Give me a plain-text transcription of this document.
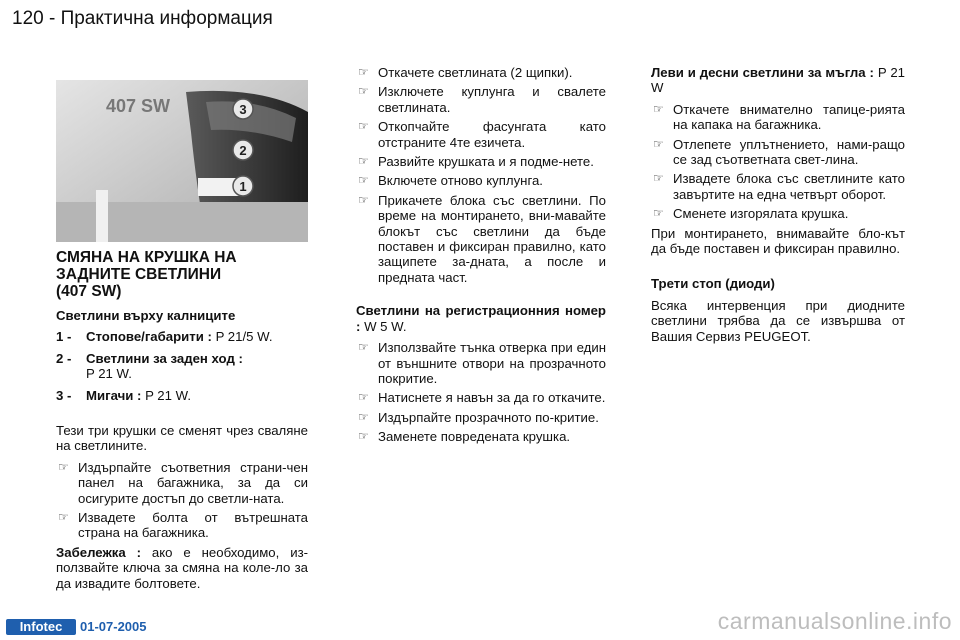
120 - Практична информация
407 SW	3
2
1
СМЯНА НА КРУШКА НА
ЗАДНИТЕ СВЕТЛИНИ
(407 SW)
Светлини върху калниците
1 -	Стопове/габарити : P 21/5 W.
2 -	Светлини за заден ход :
P 21 W.
3 -	Мигачи : P 21 W.

Тези три крушки се сменят чрез сваляне на светлините.

☞ Издърпайте съответния страни-чен панел на багажника, за да си осигурите достъп до светли-ната.
☞ Извадете болта от вътрешната страна на багажника.

Забележка : ако е необходимо, из-ползвайте ключа за смяна на коле-ло за да извадите болтовете.

☞ Откачете светлината (2 щипки).
☞ Изключете куплунга и свалете светлината.
☞ Откопчайте фасунгата като отстраните 4те езичета.
☞ Развийте крушката и я подме-нете.
☞ Включете отново куплунга.
☞ Прикачете блока със светлини. По време на монтирането, вни-мавайте блокът със светлини да бъде поставен и фиксиран правилно, като защипете за-дната, а после и предната част.

Светлини на регистрационния номер : W 5 W.

☞ Използвайте тънка отверка при един от външните отвори на прозрачното покритие.
☞ Натиснете я навън за да го откачите.
☞ Издърпайте прозрачното по-критие.
☞ Заменете повредената крушка.

Леви и десни светлини за мъгла : P 21 W

☞ Откачете внимателно тапице-рията на капака на багажника.
☞ Отлепете уплътнението, нами-ращо се зад съответната свет-лина.
☞ Извадете блока със светлините като завъртите на една четвърт оборот.
☞ Сменете изгорялата крушка.

При монтирането, внимавайте бло-кът да бъде поставен и фиксиран правилно.

Трети стоп (диоди)

Всяка интервенция при диодните светлини трябва да се извършва от Вашия Сервиз PEUGEOT.

Infotec	01-07-2005	carmanualsonline.info
